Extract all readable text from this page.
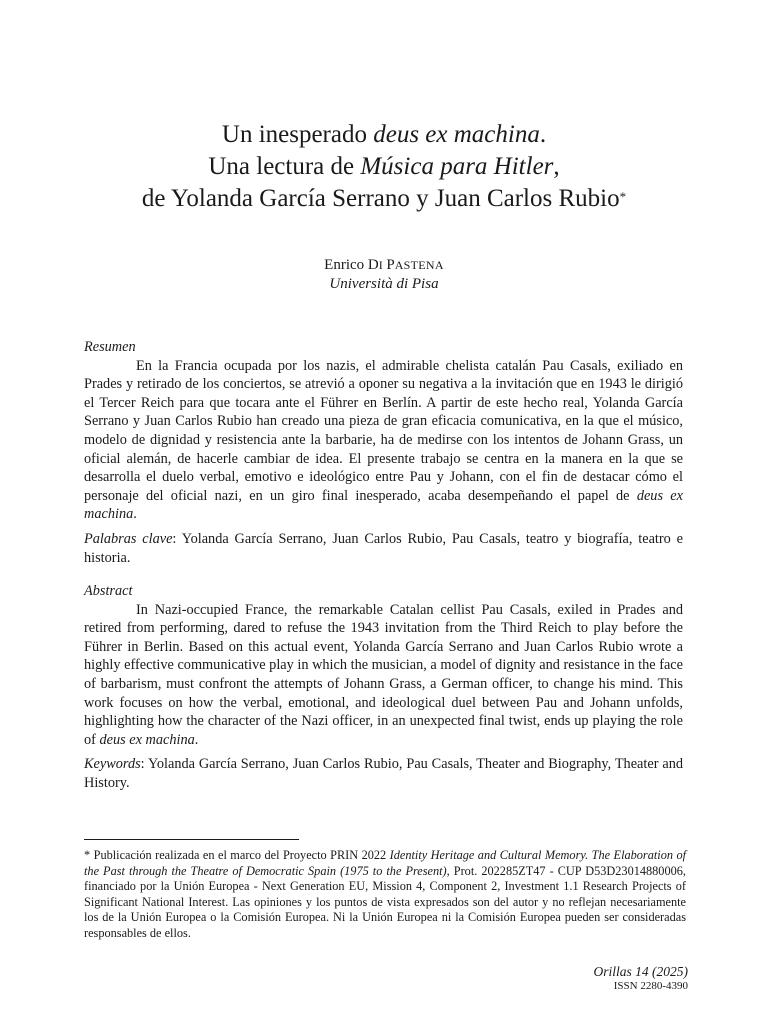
Un inesperado deus ex machina.
Una lectura de Música para Hitler,
de Yolanda García Serrano y Juan Carlos Rubio*
Enrico DI PASTENA
Università di Pisa

Resumen

En la Francia ocupada por los nazis, el admirable chelista catalán Pau Casals, exiliado en Prades y retirado de los conciertos, se atrevió a oponer su negativa a la invitación que en 1943 le dirigió el Tercer Reich para que tocara ante el Führer en Berlín. A partir de este hecho real, Yolanda García Serrano y Juan Carlos Rubio han creado una pieza de gran eficacia comunicativa, en la que el músico, modelo de dignidad y resistencia ante la barbarie, ha de medirse con los intentos de Johann Grass, un oficial alemán, de hacerle cambiar de idea. El presente trabajo se centra en la manera en la que se desarrolla el duelo verbal, emotivo e ideológico entre Pau y Johann, con el fin de destacar cómo el personaje del oficial nazi, en un giro final inesperado, acaba desempeñando el papel de deus ex machina.

Palabras clave: Yolanda García Serrano, Juan Carlos Rubio, Pau Casals, teatro y biografía, teatro e historia.

Abstract

In Nazi-occupied France, the remarkable Catalan cellist Pau Casals, exiled in Prades and retired from performing, dared to refuse the 1943 invitation from the Third Reich to play before the Führer in Berlin. Based on this actual event, Yolanda García Serrano and Juan Carlos Rubio wrote a highly effective communicative play in which the musician, a model of dignity and resistance in the face of barbarism, must confront the attempts of Johann Grass, a German officer, to change his mind. This work focuses on how the verbal, emotional, and ideological duel between Pau and Johann unfolds, highlighting how the character of the Nazi officer, in an unexpected final twist, ends up playing the role of deus ex machina.

Keywords: Yolanda García Serrano, Juan Carlos Rubio, Pau Casals, Theater and Biography, Theater and History.

* Publicación realizada en el marco del Proyecto PRIN 2022 Identity Heritage and Cultural Memory. The Elaboration of the Past through the Theatre of Democratic Spain (1975 to the Present), Prot. 202285ZT47 - CUP D53D23014880006, financiado por la Unión Europea - Next Generation EU, Mission 4, Component 2, Investment 1.1 Research Projects of Significant National Interest. Las opiniones y los puntos de vista expresados son del autor y no reflejan necesariamente los de la Unión Europea o la Comisión Europea. Ni la Unión Europea ni la Comisión Europea pueden ser consideradas responsables de ellos.
Orillas 14 (2025)
ISSN 2280-4390
